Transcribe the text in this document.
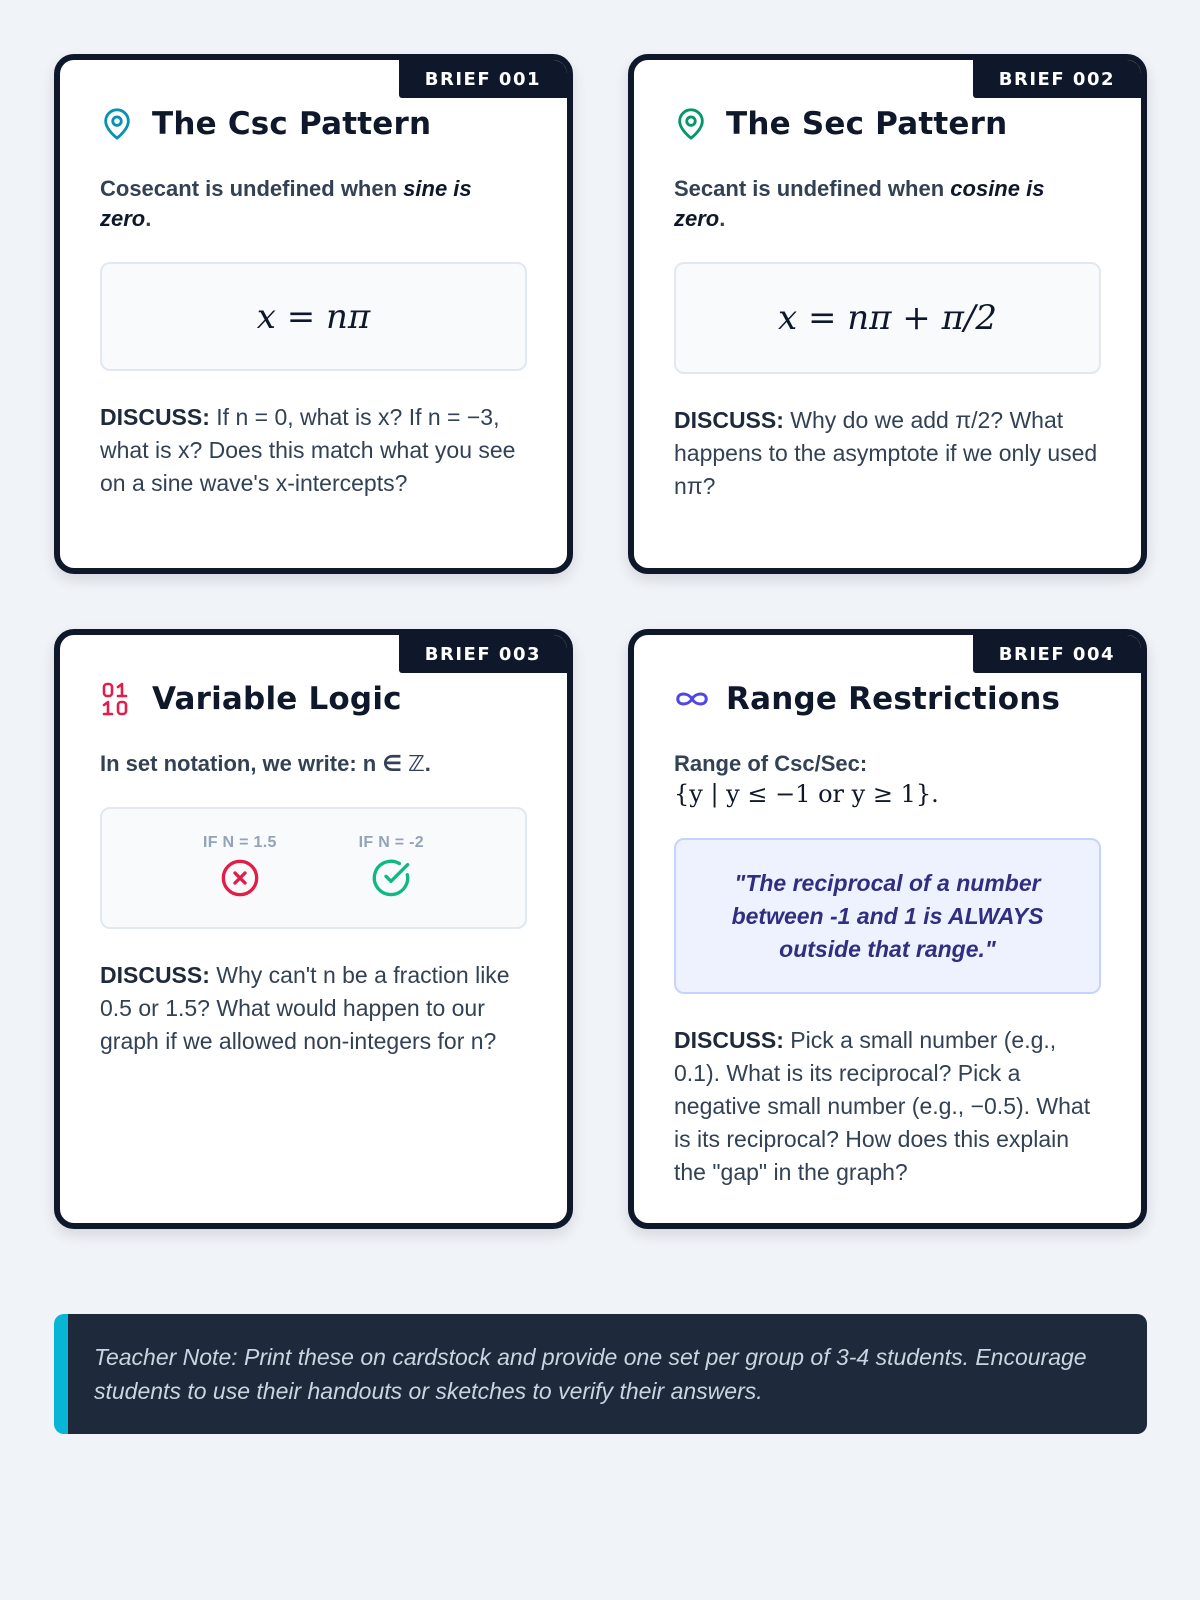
BRIEF 001
The Csc Pattern

Cosecant is undefined when sine is zero.

x = nπ

DISCUSS: If n = 0, what is x? If n = −3, what is x? Does this match what you see on a sine wave's x-intercepts?

BRIEF 002
The Sec Pattern

Secant is undefined when cosine is zero.

x = nπ + π/2

DISCUSS: Why do we add π/2? What happens to the asymptote if we only used nπ?

BRIEF 003
Variable Logic

In set notation, we write: n ∈ ℤ.

IF N = 1.5	IF N = -2

DISCUSS: Why can't n be a fraction like 0.5 or 1.5? What would happen to our graph if we allowed non-integers for n?

BRIEF 004
Range Restrictions

Range of Csc/Sec:
{y | y ≤ −1 or y ≥ 1}.

"The reciprocal of a number between -1 and 1 is ALWAYS outside that range."

DISCUSS: Pick a small number (e.g., 0.1). What is its reciprocal? Pick a negative small number (e.g., −0.5). What is its reciprocal? How does this explain the "gap" in the graph?

Teacher Note: Print these on cardstock and provide one set per group of 3-4 students. Encourage students to use their handouts or sketches to verify their answers.
